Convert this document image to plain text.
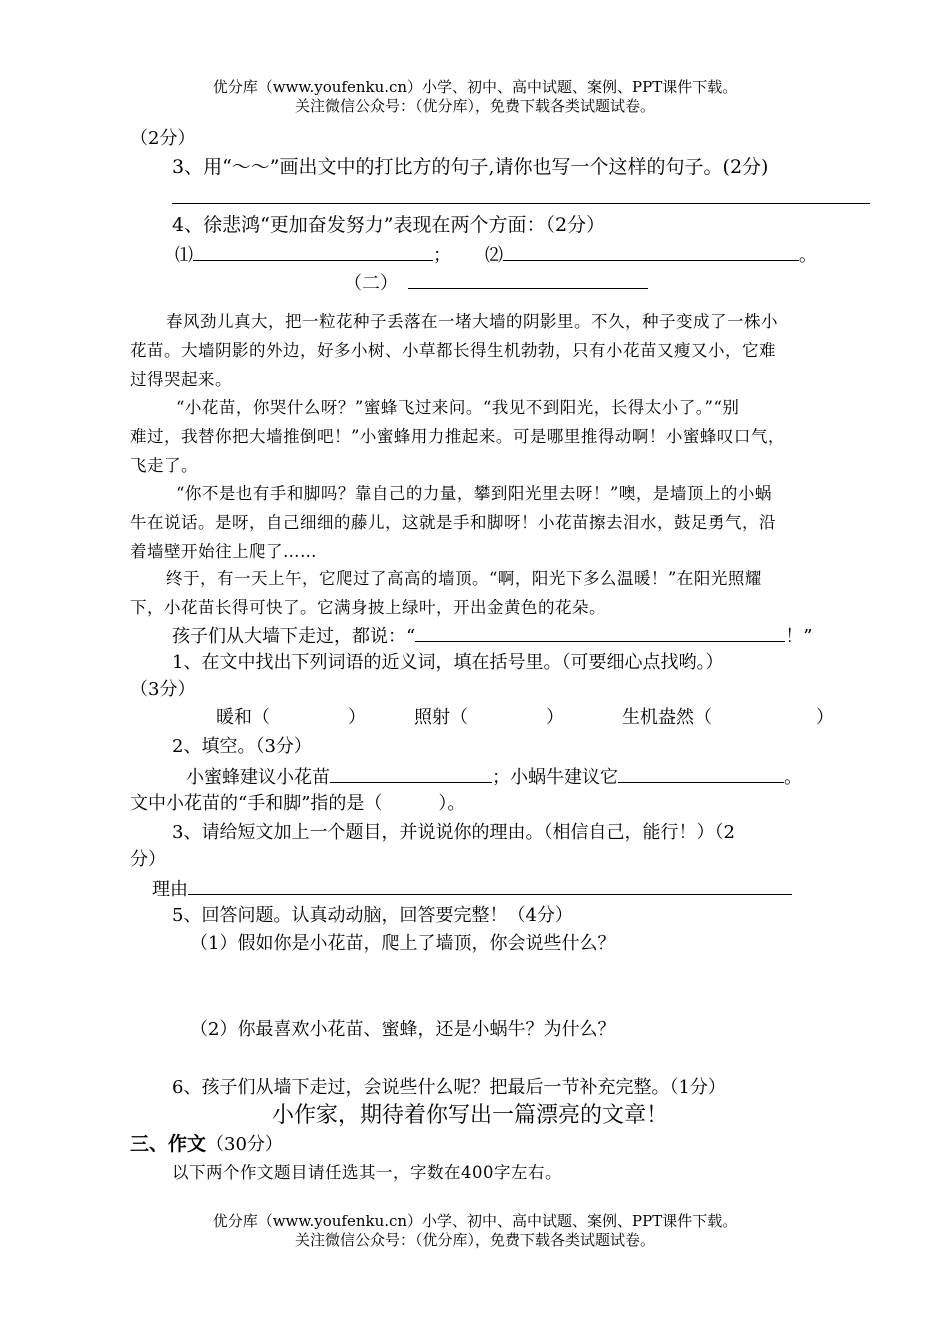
优分库（www.youfenku.cn）小学、初中、高中试题、案例、PPT课件下载。
关注微信公众号：（优分库），免费下载各类试题试卷。
（2分）
3、用“～～”画出文中的打比方的句子,请你也写一个这样的句子。(2分)
4、徐悲鸿“更加奋发努力”表现在两个方面：（2分）
⑴	； ⑵	。
（二）
春风劲儿真大，把一粒花种子丢落在一堵大墙的阴影里。不久，种子变成了一株小
花苗。大墙阴影的外边，好多小树、小草都长得生机勃勃，只有小花苗又瘦又小，它难
过得哭起来。
“小花苗，你哭什么呀？”蜜蜂飞过来问。“我见不到阳光，长得太小了。”“别
难过，我替你把大墙推倒吧！”小蜜蜂用力推起来。可是哪里推得动啊！小蜜蜂叹口气，
飞走了。
“你不是也有手和脚吗？靠自己的力量，攀到阳光里去呀！”噢，是墙顶上的小蜗
牛在说话。是呀，自己细细的藤儿，这就是手和脚呀！小花苗擦去泪水，鼓足勇气，沿
着墙壁开始往上爬了……
终于，有一天上午，它爬过了高高的墙顶。“啊，阳光下多么温暖！”在阳光照耀
下，小花苗长得可快了。它满身披上绿叶，开出金黄色的花朵。
孩子们从大墙下走过，都说：“	！”
1、在文中找出下列词语的近义词，填在括号里。（可要细心点找哟。）
（3分）
暖和（	）	照射（	）	生机盎然（	）
2、填空。（3分）
小蜜蜂建议小花苗	；小蜗牛建议它	。
文中小花苗的“手和脚”指的是（	）。
3、请给短文加上一个题目，并说说你的理由。（相信自己，能行！）（2
分）
理由
5、回答问题。认真动动脑，回答要完整！（4分）
（1）假如你是小花苗，爬上了墙顶，你会说些什么？
（2）你最喜欢小花苗、蜜蜂，还是小蜗牛？为什么？
6、孩子们从墙下走过，会说些什么呢？把最后一节补充完整。（1分）
小作家，期待着你写出一篇漂亮的文章！
三、作文（30分）
以下两个作文题目请任选其一，字数在400字左右。
优分库（www.youfenku.cn）小学、初中、高中试题、案例、PPT课件下载。
关注微信公众号：（优分库），免费下载各类试题试卷。
